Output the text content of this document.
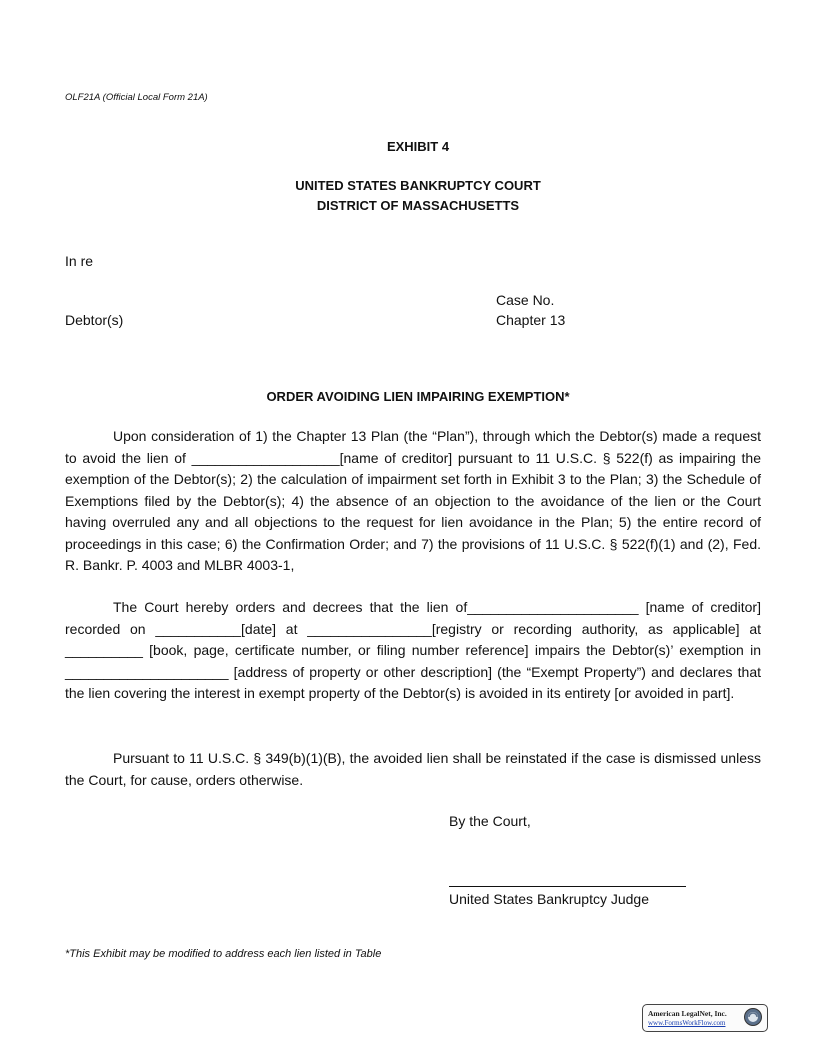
OLF21A (Official Local Form 21A)
EXHIBIT 4
UNITED STATES BANKRUPTCY COURT
DISTRICT OF MASSACHUSETTS
In re
Case No.
Debtor(s)	Chapter 13
ORDER AVOIDING LIEN IMPAIRING EXEMPTION*

Upon consideration of 1) the Chapter 13 Plan (the “Plan”), through which the Debtor(s) made a request to avoid the lien of ___________________[name of creditor] pursuant to 11 U.S.C. § 522(f) as impairing the exemption of the Debtor(s); 2) the calculation of impairment set forth in Exhibit 3 to the Plan; 3) the Schedule of Exemptions filed by the Debtor(s); 4) the absence of an objection to the avoidance of the lien or the Court having overruled any and all objections to the request for lien avoidance in the Plan; 5) the entire record of proceedings in this case; 6) the Confirmation Order; and 7) the provisions of 11 U.S.C. § 522(f)(1) and (2), Fed. R. Bankr. P. 4003 and MLBR 4003-1,

The Court hereby orders and decrees that the lien of______________________ [name of creditor] recorded on ___________[date] at ________________[registry or recording authority, as applicable] at __________ [book, page, certificate number, or filing number reference] impairs the Debtor(s)’ exemption in _____________________ [address of property or other description] (the “Exempt Property”) and declares that the lien covering the interest in exempt property of the Debtor(s) is avoided in its entirety [or avoided in part].

Pursuant to 11 U.S.C. § 349(b)(1)(B), the avoided lien shall be reinstated if the case is dismissed unless the Court, for cause, orders otherwise.

By the Court,
United States Bankruptcy Judge
*This Exhibit may be modified to address each lien listed in Table
American LegalNet, Inc.
www.FormsWorkFlow.com
